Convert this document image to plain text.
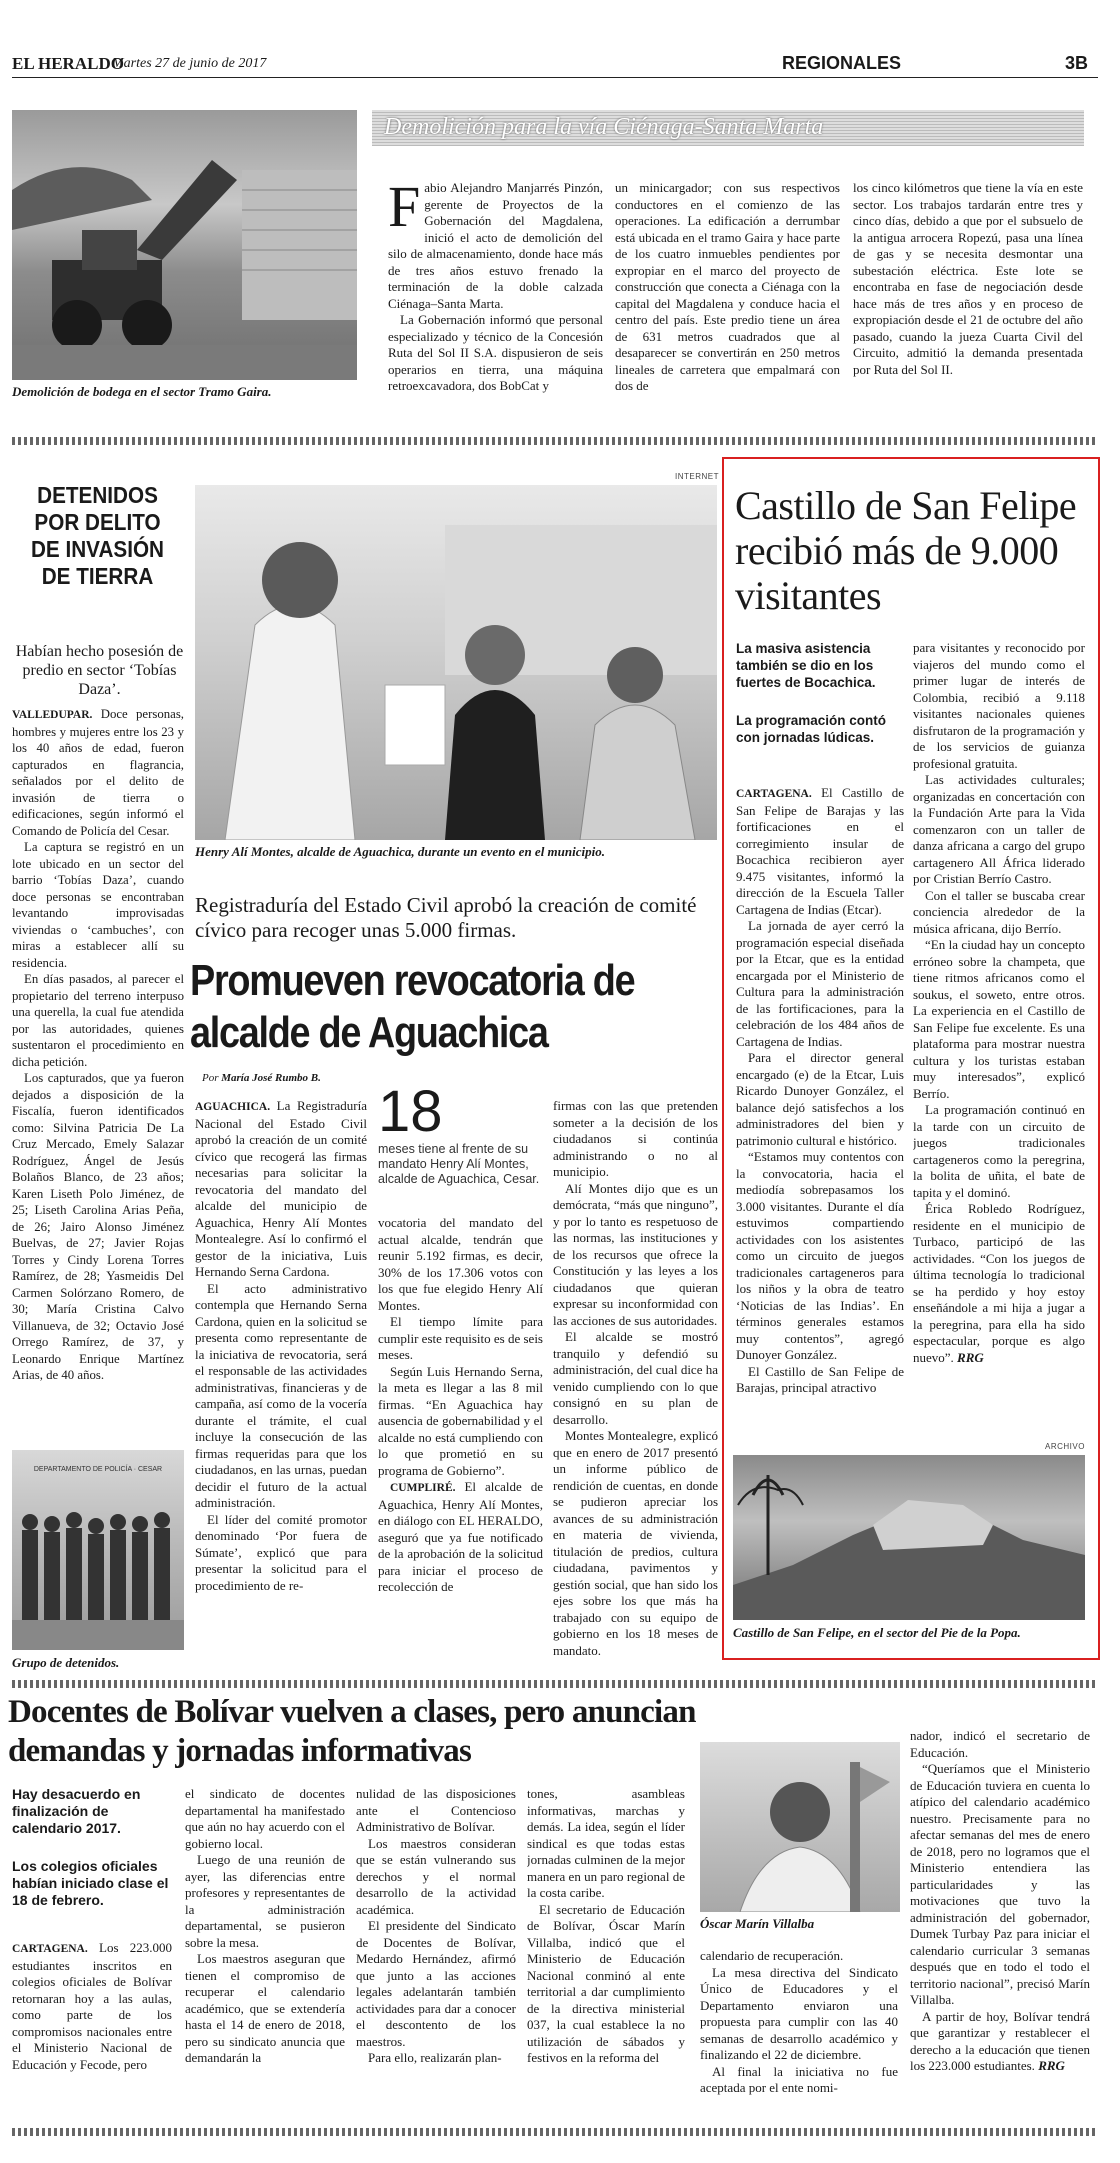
EL HERALDO
Martes 27 de junio de 2017	REGIONALES	3B
Demolición de bodega en el sector Tramo Gaira.
Demolición para la vía Ciénaga-Santa Marta
F abio Alejandro Manjarrés Pinzón, gerente de Proyectos de la Gobernación del Magdalena, inició el acto de demolición del silo de almacenamiento, donde hace más de tres años estuvo frenado la terminación de la doble calzada Ciénaga–Santa Marta.

La Gobernación informó que personal especializado y técnico de la Concesión Ruta del Sol II S.A. dispusieron de seis operarios en tierra, una máquina retroexcavadora, dos BobCat y

un minicargador; con sus respectivos conductores en el comienzo de las operaciones. La edificación a derrumbar está ubicada en el tramo Gaira y hace parte de los cuatro inmuebles pendientes por expropiar en el marco del proyecto de construcción que conecta a Ciénaga con la capital del Magdalena y conduce hacia el centro del país. Este predio tiene un área de 631 metros cuadrados que al desaparecer se convertirán en 250 metros lineales de carretera que empalmará con dos de

los cinco kilómetros que tiene la vía en este sector. Los trabajos tardarán entre tres y cinco días, debido a que por el subsuelo de la antigua arrocera Ropezú, pasa una línea de gas y se necesita desmontar una subestación eléctrica. Este lote se encontraba en fase de negociación desde hace más de tres años y en proceso de expropiación desde el 21 de octubre del año pasado, cuando la jueza Cuarta Civil del Circuito, admitió la demanda presentada por Ruta del Sol II.

DETENIDOS POR DELITO DE INVASIÓN DE TIERRA
Habían hecho posesión de predio en sector ‘Tobías Daza’.

VALLEDUPAR. Doce personas, hombres y mujeres entre los 23 y los 40 años de edad, fueron capturados en flagrancia, señalados por el delito de invasión de tierra o edificaciones, según informó el Comando de Policía del Cesar.

La captura se registró en un lote ubicado en un sector del barrio ‘Tobías Daza’, cuando doce personas se encontraban levantando improvisadas viviendas o ‘cambuches’, con miras a establecer allí su residencia.

En días pasados, al parecer el propietario del terreno interpuso una querella, la cual fue atendida por las autoridades, quienes sustentaron el procedimiento en dicha petición.

Los capturados, que ya fueron dejados a disposición de la Fiscalía, fueron identificados como: Silvina Patricia De La Cruz Mercado, Emely Salazar Rodríguez, Ángel de Jesús Bolaños Blanco, de 23 años; Karen Liseth Polo Jiménez, de 25; Liseth Carolina Arias Peña, de 26; Jairo Alonso Jiménez Buelvas, de 27; Javier Rojas Torres y Cindy Lorena Torres Ramírez, de 28; Yasmeidis Del Carmen Solórzano Romero, de 30; María Cristina Calvo Villanueva, de 32; Octavio José Orrego Ramírez, de 37, y Leonardo Enrique Martínez Arias, de 40 años.

DEPARTAMENTO DE POLICÍA · CESAR
Grupo de detenidos.
INTERNET
Henry Alí Montes, alcalde de Aguachica, durante un evento en el municipio.
Registraduría del Estado Civil aprobó la creación de comité cívico para recoger unas 5.000 firmas.
Promueven revocatoria de alcalde de Aguachica
Por María José Rumbo B.

AGUACHICA. La Registraduría Nacional del Estado Civil aprobó la creación de un comité cívico que recogerá las firmas necesarias para solicitar la revocatoria del mandato del alcalde del municipio de Aguachica, Henry Alí Montes Montealegre. Así lo confirmó el gestor de la iniciativa, Luis Hernando Serna Cardona.

El acto administrativo contempla que Hernando Serna Cardona, quien en la solicitud se presenta como representante de la iniciativa de revocatoria, será el responsable de las actividades administrativas, financieras y de campaña, así como de la vocería durante el trámite, el cual incluye la consecución de las firmas requeridas para que los ciudadanos, en las urnas, puedan decidir el futuro de la actual administración.

El líder del comité promotor denominado ‘Por fuera de Súmate’, explicó que para presentar la solicitud para el procedimiento de re-

18
meses tiene al frente de su mandato Henry Alí Montes, alcalde de Aguachica, Cesar.

vocatoria del mandato del actual alcalde, tendrán que reunir 5.192 firmas, es decir, 30% de los 17.306 votos con los que fue elegido Henry Alí Montes.

El tiempo límite para cumplir este requisito es de seis meses.

Según Luis Hernando Serna, la meta es llegar a las 8 mil firmas. “En Aguachica hay ausencia de gobernabilidad y el alcalde no está cumpliendo con lo que prometió en su programa de Gobierno”.

CUMPLIRÉ. El alcalde de Aguachica, Henry Alí Montes, en diálogo con EL HERALDO, aseguró que ya fue notificado de la aprobación de la solicitud para iniciar el proceso de recolección de

firmas con las que pretenden someter a la decisión de los ciudadanos si continúa administrando o no al municipio.

Alí Montes dijo que es un demócrata, “más que ninguno”, y por lo tanto es respetuoso de las normas, las instituciones y de los recursos que ofrece la Constitución y las leyes a los ciudadanos que quieran expresar su inconformidad con las acciones de sus autoridades.

El alcalde se mostró tranquilo y defendió su administración, del cual dice ha venido cumpliendo con lo que consignó en su plan de desarrollo.

Montes Montealegre, explicó que en enero de 2017 presentó un informe público de rendición de cuentas, en donde se pudieron apreciar los avances de su administración en materia de vivienda, titulación de predios, cultura ciudadana, pavimentos y gestión social, que han sido los ejes sobre los que más ha trabajado con su equipo de gobierno en los 18 meses de mandato.

Castillo de San Felipe recibió más de 9.000 visitantes
La masiva asistencia también se dio en los fuertes de Bocachica.
La programación contó con jornadas lúdicas.

CARTAGENA. El Castillo de San Felipe de Barajas y las fortificaciones en el corregimiento insular de Bocachica recibieron ayer 9.475 visitantes, informó la dirección de la Escuela Taller Cartagena de Indias (Etcar).

La jornada de ayer cerró la programación especial diseñada por la Etcar, que es la entidad encargada por el Ministerio de Cultura para la administración de las fortificaciones, para la celebración de los 484 años de Cartagena de Indias.

Para el director general encargado (e) de la Etcar, Luis Ricardo Dunoyer González, el balance dejó satisfechos a los administradores del bien y patrimonio cultural e histórico.

“Estamos muy contentos con la convocatoria, hacia el mediodía sobrepasamos los 3.000 visitantes. Durante el día estuvimos compartiendo actividades con los asistentes como un circuito de juegos tradicionales cartageneros para los niños y la obra de teatro ‘Noticias de las Indias’. En términos generales estamos muy contentos”, agregó Dunoyer González.

El Castillo de San Felipe de Barajas, principal atractivo

para visitantes y reconocido por viajeros del mundo como el primer lugar de interés de Colombia, recibió a 9.118 visitantes nacionales quienes disfrutaron de la programación y de los servicios de guianza profesional gratuita.

Las actividades culturales; organizadas en concertación con la Fundación Arte para la Vida comenzaron con un taller de danza africana a cargo del grupo cartagenero All África liderado por Cristian Berrío Castro.

Con el taller se buscaba crear conciencia alrededor de la música africana, dijo Berrío.

“En la ciudad hay un concepto erróneo sobre la champeta, que tiene ritmos africanos como el soukus, el soweto, entre otros. La experiencia en el Castillo de San Felipe fue excelente. Es una plataforma para mostrar nuestra cultura y los turistas estaban muy interesados”, explicó Berrío.

La programación continuó en la tarde con un circuito de juegos tradicionales cartageneros como la peregrina, la bolita de uñita, el bate de tapita y el dominó.

Érica Robledo Rodríguez, residente en el municipio de Turbaco, participó de las actividades. “Con los juegos de última tecnología lo tradicional se ha perdido y hoy estoy enseñándole a mi hija a jugar a la peregrina, para ella ha sido espectacular, porque es algo nuevo”. RRG

ARCHIVO
Castillo de San Felipe, en el sector del Pie de la Popa.
Docentes de Bolívar vuelven a clases, pero anuncian demandas y jornadas informativas
Hay desacuerdo en finalización de calendario 2017.
Los colegios oficiales habían iniciado clase el 18 de febrero.

CARTAGENA. Los 223.000 estudiantes inscritos en colegios oficiales de Bolívar retornaran hoy a las aulas, como parte de los compromisos nacionales entre el Ministerio Nacional de Educación y Fecode, pero

el sindicato de docentes departamental ha manifestado que aún no hay acuerdo con el gobierno local.

Luego de una reunión de ayer, las diferencias entre profesores y representantes de la administración departamental, se pusieron sobre la mesa.

Los maestros aseguran que tienen el compromiso de recuperar el calendario académico, que se extendería hasta el 14 de enero de 2018, pero su sindicato anuncia que demandarán la

nulidad de las disposiciones ante el Contencioso Administrativo de Bolívar.

Los maestros consideran que se están vulnerando sus derechos y el normal desarrollo de la actividad académica.

El presidente del Sindicato de Docentes de Bolívar, Medardo Hernández, afirmó que junto a las acciones legales adelantarán también actividades para dar a conocer el descontento de los maestros.

Para ello, realizarán plan-

tones, asambleas informativas, marchas y demás. La idea, según el líder sindical es que todas estas jornadas culminen de la mejor manera en un paro regional de la costa caribe.

El secretario de Educación de Bolívar, Óscar Marín Villalba, indicó que el Ministerio de Educación Nacional conminó al ente territorial a dar cumplimiento de la directiva ministerial 037, la cual establece la no utilización de sábados y festivos en la reforma del

Óscar Marín Villalba

calendario de recuperación.

La mesa directiva del Sindicato Único de Educadores y el Departamento enviaron una propuesta para cumplir con las 40 semanas de desarrollo académico y finalizando el 22 de diciembre.

Al final la iniciativa no fue aceptada por el ente nomi-

nador, indicó el secretario de Educación.

“Queríamos que el Ministerio de Educación tuviera en cuenta lo atípico del calendario académico nuestro. Precisamente para no afectar semanas del mes de enero de 2018, pero no logramos que el Ministerio entendiera las particularidades y las motivaciones que tuvo la administración del gobernador, Dumek Turbay Paz para iniciar el calendario curricular 3 semanas después que en todo el todo el territorio nacional”, precisó Marín Villalba.

A partir de hoy, Bolívar tendrá que garantizar y restablecer el derecho a la educación que tienen los 223.000 estudiantes. RRG
